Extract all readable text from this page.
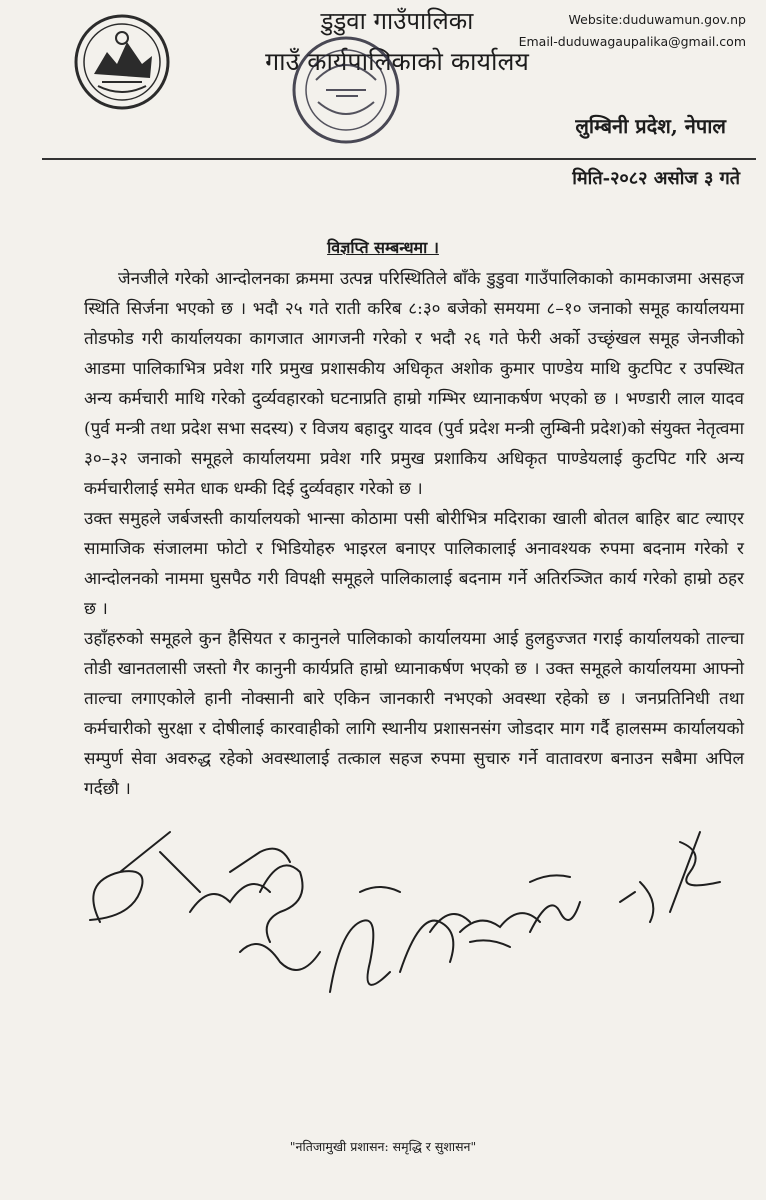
डुडुवा गाउँपालिका
गाउँ कार्यपालिकाको कार्यालय
Website:duduwamun.gov.np
Email-duduwagaupalika@gmail.com
लुम्बिनी प्रदेश, नेपाल
मिति-२०८२ असोज ३ गते
विज्ञप्ति सम्बन्धमा ।

जेनजीले गरेको आन्दोलनका क्रममा उत्पन्न परिस्थितिले बाँके डुडुवा गाउँपालिकाको कामकाजमा असहज स्थिति सिर्जना भएको छ । भदौ २५ गते राती करिब ८:३० बजेको समयमा ८–१० जनाको समूह कार्यालयमा तोडफोड गरी कार्यालयका कागजात आगजनी गरेको र भदौ २६ गते फेरी अर्को उच्छृंखल समूह जेनजीको आडमा पालिकाभित्र प्रवेश गरि प्रमुख प्रशासकीय अधिकृत अशोक कुमार पाण्डेय माथि कुटपिट र उपस्थित अन्य कर्मचारी माथि गरेको दुर्व्यवहारको घटनाप्रति हाम्रो गम्भिर ध्यानाकर्षण भएको छ । भण्डारी लाल यादव (पुर्व मन्त्री तथा प्रदेश सभा सदस्य) र विजय बहादुर यादव (पुर्व प्रदेश मन्त्री लुम्बिनी प्रदेश)को संयुक्त नेतृत्वमा ३०–३२ जनाको समूहले कार्यालयमा प्रवेश गरि प्रमुख प्रशाकिय अधिकृत पाण्डेयलाई कुटपिट गरि अन्य कर्मचारीलाई समेत धाक धम्की दिई दुर्व्यवहार गरेको छ ।

उक्त समुहले जर्बजस्ती कार्यालयको भान्सा कोठामा पसी बोरीभित्र मदिराका खाली बोतल बाहिर बाट ल्याएर सामाजिक संजालमा फोटो र भिडियोहरु भाइरल बनाएर पालिकालाई अनावश्यक रुपमा बदनाम गरेको र आन्दोलनको नाममा घुसपैठ गरी विपक्षी समूहले पालिकालाई बदनाम गर्ने अतिरञ्जित कार्य गरेको हाम्रो ठहर छ ।

उहाँहरुको समूहले कुन हैसियत र कानुनले पालिकाको कार्यालयमा आई हुलहुज्जत गराई कार्यालयको ताल्चा तोडी खानतलासी जस्तो गैर कानुनी कार्यप्रति हाम्रो ध्यानाकर्षण भएको छ । उक्त समूहले कार्यालयमा आफ्नो ताल्चा लगाएकोले हानी नोक्सानी बारे एकिन जानकारी नभएको अवस्था रहेको छ । जनप्रतिनिधी तथा कर्मचारीको सुरक्षा र दोषीलाई कारवाहीको लागि स्थानीय प्रशासनसंग जोडदार माग गर्दै हालसम्म कार्यालयको सम्पुर्ण सेवा अवरुद्ध रहेको अवस्थालाई तत्काल सहज रुपमा सुचारु गर्ने वातावरण बनाउन सबैमा अपिल गर्दछौ ।

"नतिजामुखी प्रशासन: समृद्धि र सुशासन"
